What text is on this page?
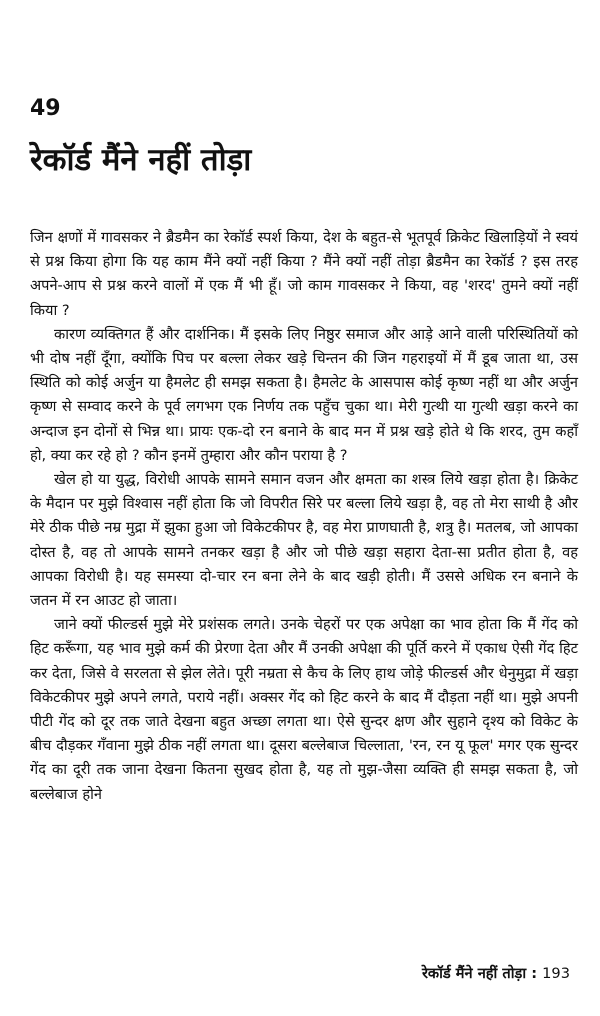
49
रेकॉर्ड मैंने नहीं तोड़ा

जिन क्षणों में गावसकर ने ब्रैडमैन का रेकॉर्ड स्पर्श किया, देश के बहुत-से भूतपूर्व क्रिकेट खिलाड़ियों ने स्वयं से प्रश्न किया होगा कि यह काम मैंने क्यों नहीं किया ? मैंने क्यों नहीं तोड़ा ब्रैडमैन का रेकॉर्ड ? इस तरह अपने-आप से प्रश्न करने वालों में एक मैं भी हूँ। जो काम गावसकर ने किया, वह 'शरद' तुमने क्यों नहीं किया ?

कारण व्यक्तिगत हैं और दार्शनिक। मैं इसके लिए निष्ठुर समाज और आड़े आने वाली परिस्थितियों को भी दोष नहीं दूँगा, क्योंकि पिच पर बल्ला लेकर खड़े चिन्तन की जिन गहराइयों में मैं डूब जाता था, उस स्थिति को कोई अर्जुन या हैमलेट ही समझ सकता है। हैमलेट के आसपास कोई कृष्ण नहीं था और अर्जुन कृष्ण से सम्वाद करने के पूर्व लगभग एक निर्णय तक पहुँच चुका था। मेरी गुत्थी या गुत्थी खड़ा करने का अन्दाज इन दोनों से भिन्न था। प्रायः एक-दो रन बनाने के बाद मन में प्रश्न खड़े होते थे कि शरद, तुम कहाँ हो, क्या कर रहे हो ? कौन इनमें तुम्हारा और कौन पराया है ?

खेल हो या युद्ध, विरोधी आपके सामने समान वजन और क्षमता का शस्त्र लिये खड़ा होता है। क्रिकेट के मैदान पर मुझे विश्वास नहीं होता कि जो विपरीत सिरे पर बल्ला लिये खड़ा है, वह तो मेरा साथी है और मेरे ठीक पीछे नम्र मुद्रा में झुका हुआ जो विकेटकीपर है, वह मेरा प्राणघाती है, शत्रु है। मतलब, जो आपका दोस्त है, वह तो आपके सामने तनकर खड़ा है और जो पीछे खड़ा सहारा देता-सा प्रतीत होता है, वह आपका विरोधी है। यह समस्या दो-चार रन बना लेने के बाद खड़ी होती। मैं उससे अधिक रन बनाने के जतन में रन आउट हो जाता।

जाने क्यों फील्डर्स मुझे मेरे प्रशंसक लगते। उनके चेहरों पर एक अपेक्षा का भाव होता कि मैं गेंद को हिट करूँगा, यह भाव मुझे कर्म की प्रेरणा देता और मैं उनकी अपेक्षा की पूर्ति करने में एकाध ऐसी गेंद हिट कर देता, जिसे वे सरलता से झेल लेते। पूरी नम्रता से कैच के लिए हाथ जोड़े फील्डर्स और धेनुमुद्रा में खड़ा विकेटकीपर मुझे अपने लगते, पराये नहीं। अक्सर गेंद को हिट करने के बाद मैं दौड़ता नहीं था। मुझे अपनी पीटी गेंद को दूर तक जाते देखना बहुत अच्छा लगता था। ऐसे सुन्दर क्षण और सुहाने दृश्य को विकेट के बीच दौड़कर गँवाना मुझे ठीक नहीं लगता था। दूसरा बल्लेबाज चिल्लाता, 'रन, रन यू फूल' मगर एक सुन्दर गेंद का दूरी तक जाना देखना कितना सुखद होता है, यह तो मुझ-जैसा व्यक्ति ही समझ सकता है, जो बल्लेबाज होने

रेकॉर्ड मैंने नहीं तोड़ा : 193
